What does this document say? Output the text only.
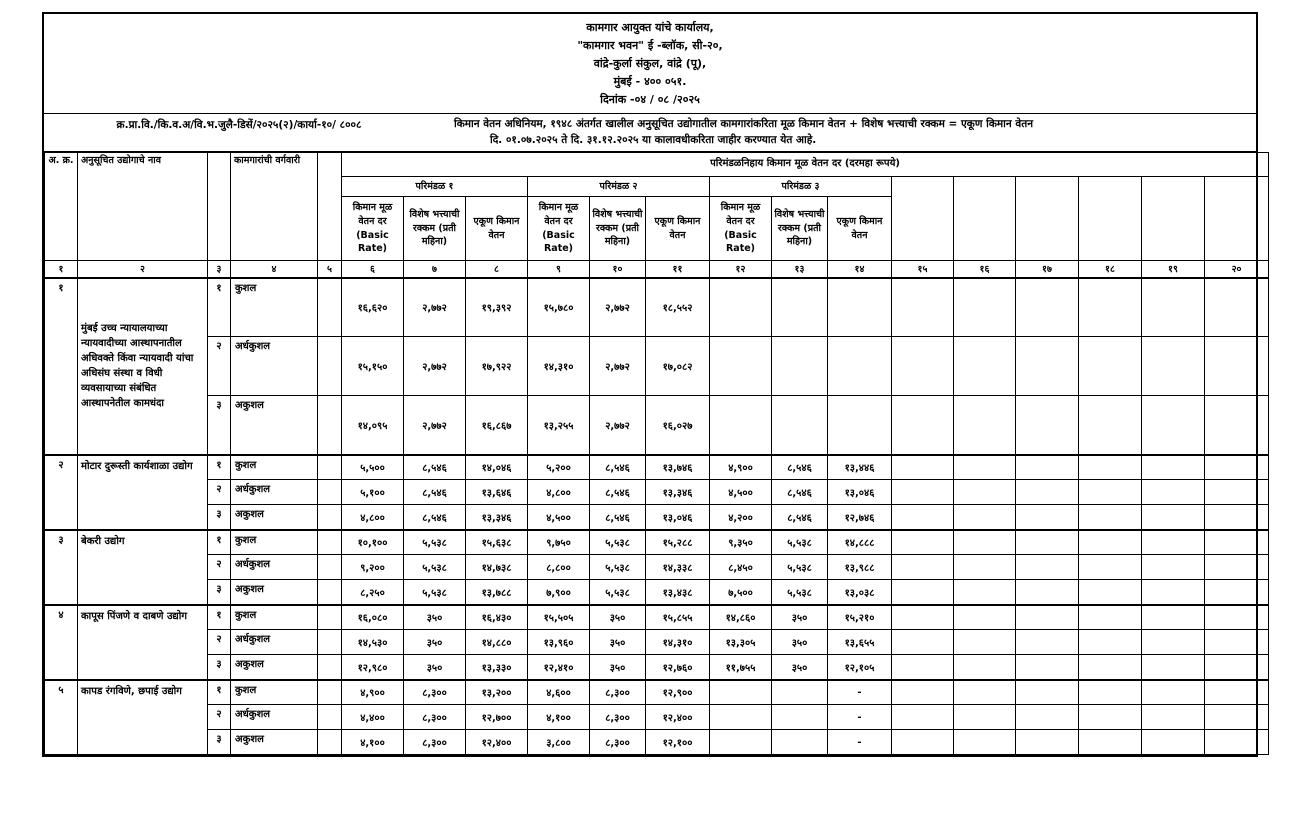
कामगार आयुक्त यांचे कार्यालय,
"कामगार भवन" ई -ब्लॉक, सी-२०,
वांद्रे-कुर्ला संकुल, वांद्रे (पू),
मुंबई - ४०० ०५१.
दिनांक -०४ / ०८ /२०२५
क्र.प्रा.वि./कि.व.अ/वि.भ.जुलै-डिसें/२०२५(२)/कार्या-१०/ ८००८	किमान वेतन अधिनियम, १९४८ अंतर्गत खालील अनुसूचित उद्योगातील कामगारांकरिता मूळ किमान वेतन + विशेष भत्त्याची रक्कम = एकूण किमान वेतन
दि. ०१.०७.२०२५ ते दि. ३१.१२.२०२५ या कालावधीकरिता जाहीर करण्यात येत आहे.
अ. क्र.	अनुसूचित उद्योगाचे नाव		कामगारांची वर्गवारी		परिमंडळनिहाय किमान मूळ वेतन दर (दरमहा रूपये)														
					परिमंडळ १			परिमंडळ २			परिमंडळ ३								
					किमान मूळ वेतन दर (Basic Rate)	विशेष भत्त्याची रक्कम (प्रती महिना)	एकूण किमान वेतन	किमान मूळ वेतन दर (Basic Rate)	विशेष भत्त्याची रक्कम (प्रती महिना)	एकूण किमान वेतन	किमान मूळ वेतन दर (Basic Rate)	विशेष भत्त्याची रक्कम (प्रती महिना)	एकूण किमान वेतन						
१	२	३	४	५	६	७	८	९	१०	११	१२	१३	१४	१५	१६	१७	१८	१९	२०
१	मुंबई उच्च न्यायालयाच्या न्यायवादीच्या आस्थापनातील अधिवक्ते किंवा न्यायवादी यांचा अधिसंघ संस्था व विधी व्यवसायाच्या संबंधित आस्थापनेतील कामधंदा	१	कुशल		१६,६२०	२,७७२	१९,३९२	१५,७८०	२,७७२	१८,५५२									
		२	अर्धकुशल		१५,१५०	२,७७२	१७,९२२	१४,३१०	२,७७२	१७,०८२									
		३	अकुशल		१४,०९५	२,७७२	१६,८६७	१३,२५५	२,७७२	१६,०२७									
२	मोटार दुरूस्ती कार्यशाळा उद्योग	१	कुशल		५,५००	८,५४६	१४,०४६	५,२००	८,५४६	१३,७४६	४,९००	८,५४६	१३,४४६						
		२	अर्धकुशल		५,१००	८,५४६	१३,६४६	४,८००	८,५४६	१३,३४६	४,५००	८,५४६	१३,०४६						
		३	अकुशल		४,८००	८,५४६	१३,३४६	४,५००	८,५४६	१३,०४६	४,२००	८,५४६	१२,७४६						
३	बेकरी उद्योग	१	कुशल		१०,१००	५,५३८	१५,६३८	९,७५०	५,५३८	१५,२८८	९,३५०	५,५३८	१४,८८८						
		२	अर्धकुशल		९,२००	५,५३८	१४,७३८	८,८००	५,५३८	१४,३३८	८,४५०	५,५३८	१३,९८८						
		३	अकुशल		८,२५०	५,५३८	१३,७८८	७,९००	५,५३८	१३,४३८	७,५००	५,५३८	१३,०३८						
४	कापूस पिंजणे व दाबणे उद्योग	१	कुशल		१६,०८०	३५०	१६,४३०	१५,५०५	३५०	१५,८५५	१४,८६०	३५०	१५,२१०						
		२	अर्धकुशल		१४,५३०	३५०	१४,८८०	१३,९६०	३५०	१४,३१०	१३,३०५	३५०	१३,६५५						
		३	अकुशल		१२,९८०	३५०	१३,३३०	१२,४१०	३५०	१२,७६०	११,७५५	३५०	१२,१०५						
५	कापड रंगविणे, छपाई उद्योग	१	कुशल		४,९००	८,३००	१३,२००	४,६००	८,३००	१२,९००			-						
		२	अर्धकुशल		४,४००	८,३००	१२,७००	४,१००	८,३००	१२,४००			-						
		३	अकुशल		४,१००	८,३००	१२,४००	३,८००	८,३००	१२,१००			-						
